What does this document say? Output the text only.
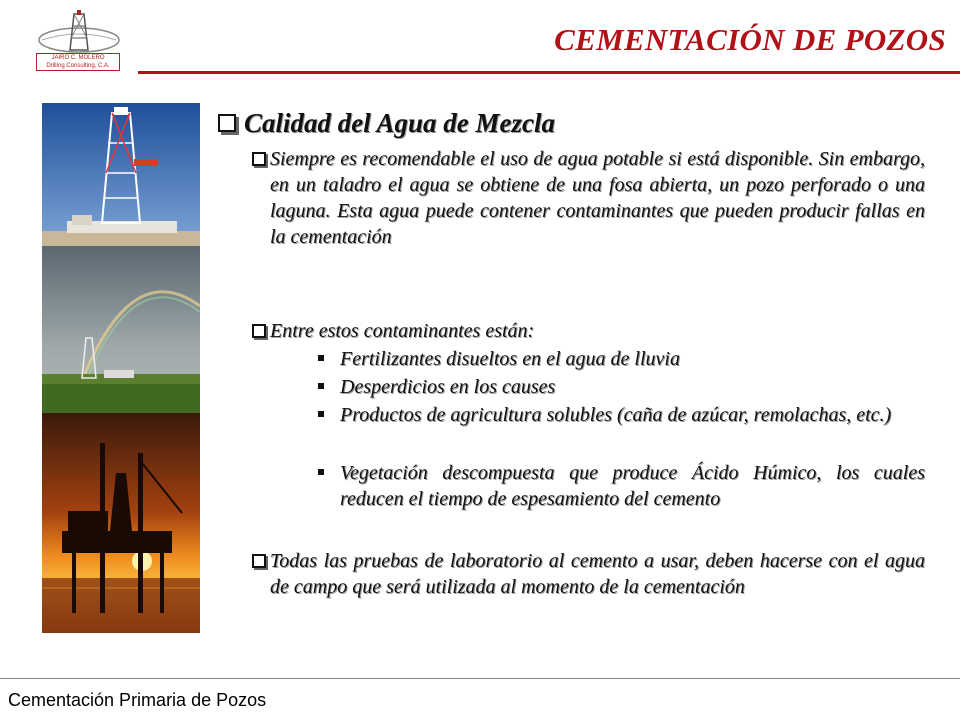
JAIRO C. MOLERO
Drilling Consulting, C.A.
CEMENTACIÓN DE POZOS
Calidad del Agua de Mezcla
Siempre es recomendable el uso de agua potable si está disponible. Sin embargo, en un taladro el agua se obtiene de una fosa abierta, un pozo perforado o una laguna. Esta agua puede contener contaminantes que pueden producir fallas en la cementación
Entre estos contaminantes están:
Fertilizantes disueltos en el agua de lluvia
Desperdicios en los causes
Productos de agricultura solubles (caña de azúcar, remolachas, etc.)
Vegetación descompuesta que produce Ácido Húmico, los cuales reducen el tiempo de espesamiento del cemento
Todas las pruebas de laboratorio al cemento a usar, deben hacerse con el agua de campo que será utilizada al momento de la cementación
Cementación Primaria de Pozos
